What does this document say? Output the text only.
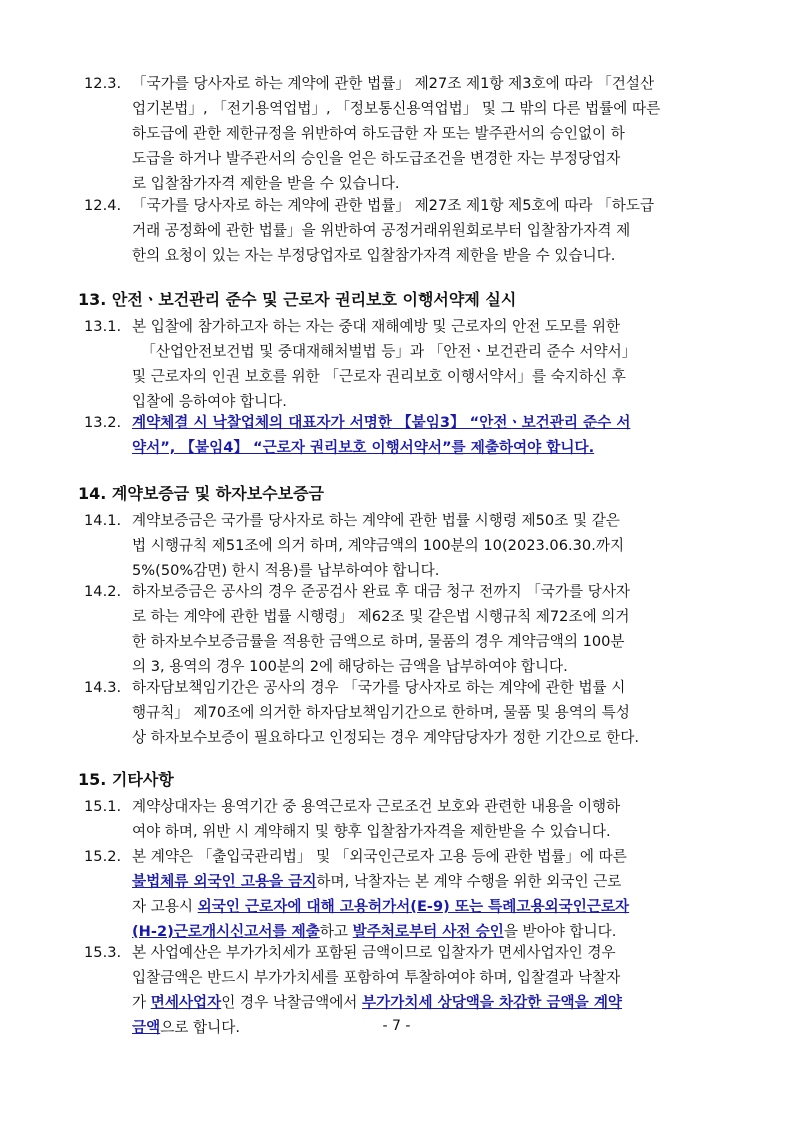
12.3. 「국가를 당사자로 하는 계약에 관한 법률」 제27조 제1항 제3호에 따라 「건설산
업기본법」, 「전기용역업법」, 「정보통신용역업법」 및 그 밖의 다른 법률에 따른
하도급에 관한 제한규정을 위반하여 하도급한 자 또는 발주관서의 승인없이 하
도급을 하거나 발주관서의 승인을 얻은 하도급조건을 변경한 자는 부정당업자
로 입찰참가자격 제한을 받을 수 있습니다.
12.4. 「국가를 당사자로 하는 계약에 관한 법률」 제27조 제1항 제5호에 따라 「하도급
거래 공정화에 관한 법률」을 위반하여 공정거래위원회로부터 입찰참가자격 제
한의 요청이 있는 자는 부정당업자로 입찰참가자격 제한을 받을 수 있습니다.
13. 안전ㆍ보건관리 준수 및 근로자 권리보호 이행서약제 실시
13.1. 본 입찰에 참가하고자 하는 자는 중대 재해예방 및 근로자의 안전 도모를 위한
「산업안전보건법 및 중대재해처벌법 등」과 「안전ㆍ보건관리 준수 서약서」
및 근로자의 인권 보호를 위한 「근로자 권리보호 이행서약서」를 숙지하신 후
입찰에 응하여야 합니다.
13.2. 계약체결 시 낙찰업체의 대표자가 서명한 【붙임3】 “안전ㆍ보건관리 준수 서
약서”, 【붙임4】 “근로자 권리보호 이행서약서”를 제출하여야 합니다.
14. 계약보증금 및 하자보수보증금
14.1. 계약보증금은 국가를 당사자로 하는 계약에 관한 법률 시행령 제50조 및 같은
법 시행규칙 제51조에 의거 하며, 계약금액의 100분의 10(2023.06.30.까지
5%(50%감면) 한시 적용)를 납부하여야 합니다.
14.2. 하자보증금은 공사의 경우 준공검사 완료 후 대금 청구 전까지 「국가를 당사자
로 하는 계약에 관한 법률 시행령」 제62조 및 같은법 시행규칙 제72조에 의거
한 하자보수보증금률을 적용한 금액으로 하며, 물품의 경우 계약금액의 100분
의 3, 용역의 경우 100분의 2에 해당하는 금액을 납부하여야 합니다.
14.3. 하자담보책임기간은 공사의 경우 「국가를 당사자로 하는 계약에 관한 법률 시
행규칙」 제70조에 의거한 하자담보책임기간으로 한하며, 물품 및 용역의 특성
상 하자보수보증이 필요하다고 인정되는 경우 계약담당자가 정한 기간으로 한다.
15. 기타사항
15.1. 계약상대자는 용역기간 중 용역근로자 근로조건 보호와 관련한 내용을 이행하
여야 하며, 위반 시 계약해지 및 향후 입찰참가자격을 제한받을 수 있습니다.
15.2. 본 계약은 「출입국관리법」 및 「외국인근로자 고용 등에 관한 법률」에 따른
불법체류 외국인 고용을 금지하며, 낙찰자는 본 계약 수행을 위한 외국인 근로
자 고용시 외국인 근로자에 대해 고용허가서(E-9) 또는 특례고용외국인근로자
(H-2)근로개시신고서를 제출하고 발주처로부터 사전 승인을 받아야 합니다.
15.3. 본 사업예산은 부가가치세가 포함된 금액이므로 입찰자가 면세사업자인 경우
입찰금액은 반드시 부가가치세를 포함하여 투찰하여야 하며, 입찰결과 낙찰자
가 면세사업자인 경우 낙찰금액에서 부가가치세 상당액을 차감한 금액을 계약
금액으로 합니다.	- 7 -
